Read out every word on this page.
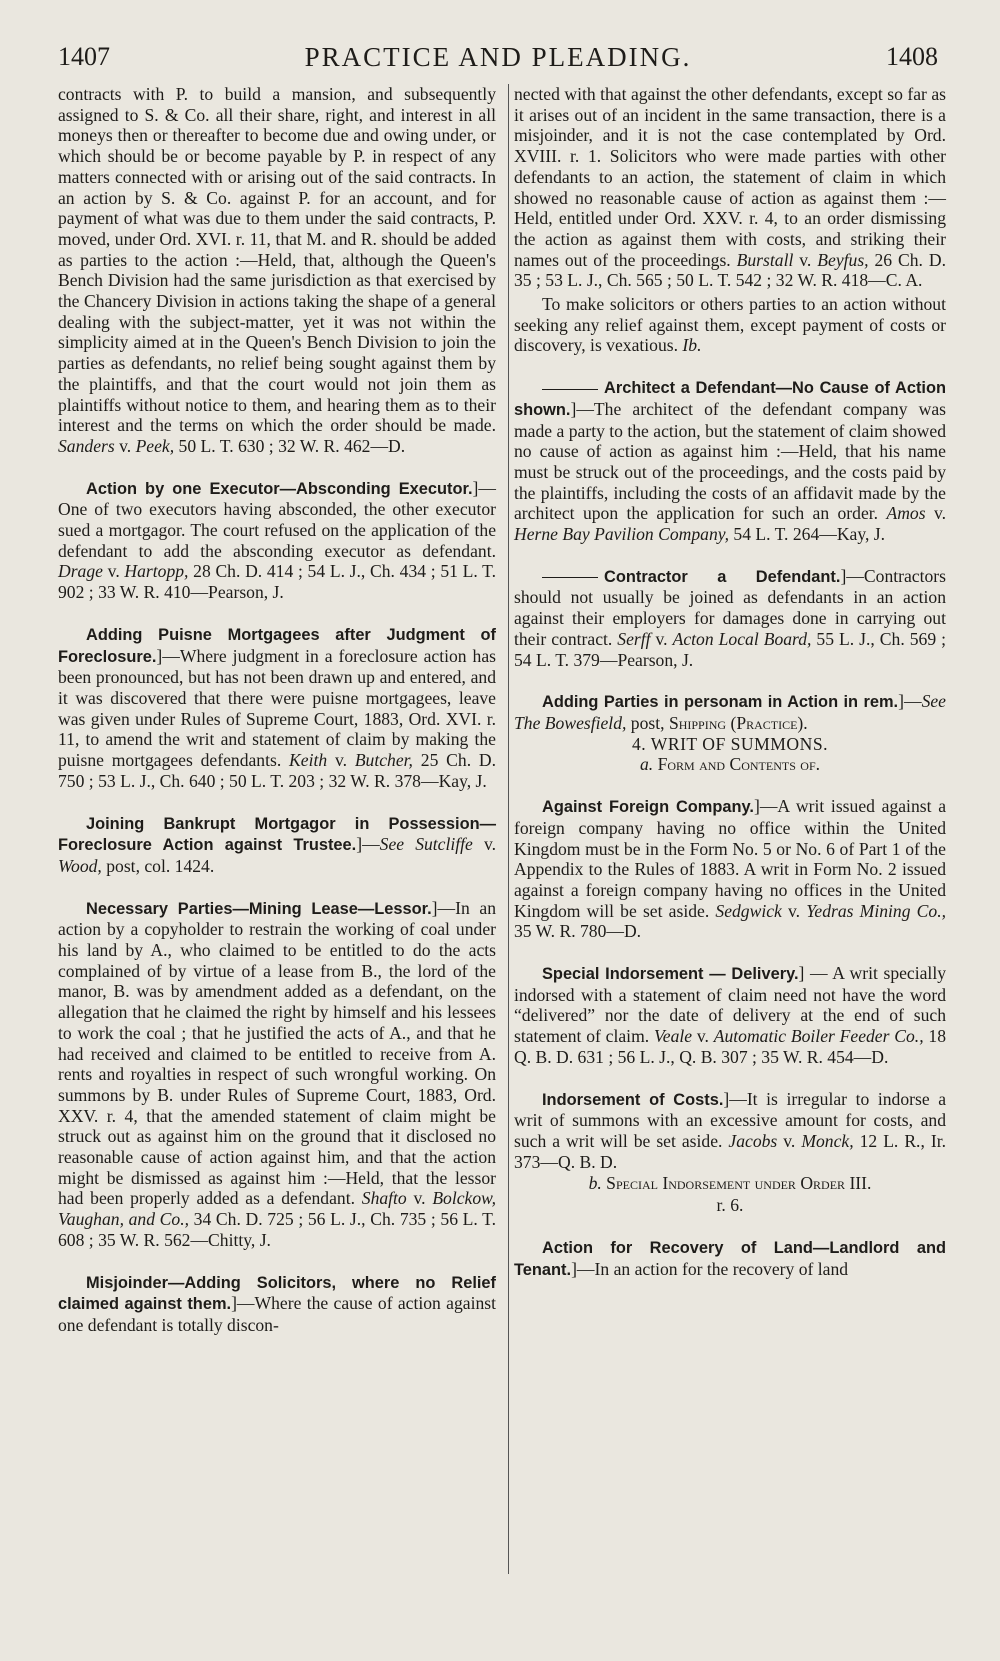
1407	PRACTICE AND PLEADING.	1408

contracts with P. to build a mansion, and subsequently assigned to S. & Co. all their share, right, and interest in all moneys then or thereafter to become due and owing under, or which should be or become payable by P. in respect of any matters connected with or arising out of the said contracts. In an action by S. & Co. against P. for an account, and for payment of what was due to them under the said contracts, P. moved, under Ord. XVI. r. 11, that M. and R. should be added as parties to the action :—Held, that, although the Queen's Bench Division had the same jurisdiction as that exercised by the Chancery Division in actions taking the shape of a general dealing with the subject-matter, yet it was not within the simplicity aimed at in the Queen's Bench Division to join the parties as defendants, no relief being sought against them by the plaintiffs, and that the court would not join them as plaintiffs without notice to them, and hearing them as to their interest and the terms on which the order should be made. Sanders v. Peek, 50 L. T. 630 ; 32 W. R. 462—D.

Action by one Executor—Absconding Executor.]—One of two executors having absconded, the other executor sued a mortgagor. The court refused on the application of the defendant to add the absconding executor as defendant. Drage v. Hartopp, 28 Ch. D. 414 ; 54 L. J., Ch. 434 ; 51 L. T. 902 ; 33 W. R. 410—Pearson, J.

Adding Puisne Mortgagees after Judgment of Foreclosure.]—Where judgment in a foreclosure action has been pronounced, but has not been drawn up and entered, and it was discovered that there were puisne mortgagees, leave was given under Rules of Supreme Court, 1883, Ord. XVI. r. 11, to amend the writ and statement of claim by making the puisne mortgagees defendants. Keith v. Butcher, 25 Ch. D. 750 ; 53 L. J., Ch. 640 ; 50 L. T. 203 ; 32 W. R. 378—Kay, J.

Joining Bankrupt Mortgagor in Possession—Foreclosure Action against Trustee.]—See Sutcliffe v. Wood, post, col. 1424.

Necessary Parties—Mining Lease—Lessor.]—In an action by a copyholder to restrain the working of coal under his land by A., who claimed to be entitled to do the acts complained of by virtue of a lease from B., the lord of the manor, B. was by amendment added as a defendant, on the allegation that he claimed the right by himself and his lessees to work the coal ; that he justified the acts of A., and that he had received and claimed to be entitled to receive from A. rents and royalties in respect of such wrongful working. On summons by B. under Rules of Supreme Court, 1883, Ord. XXV. r. 4, that the amended statement of claim might be struck out as against him on the ground that it disclosed no reasonable cause of action against him, and that the action might be dismissed as against him :—Held, that the lessor had been properly added as a defendant. Shafto v. Bolckow, Vaughan, and Co., 34 Ch. D. 725 ; 56 L. J., Ch. 735 ; 56 L. T. 608 ; 35 W. R. 562—Chitty, J.

Misjoinder—Adding Solicitors, where no Relief claimed against them.]—Where the cause of action against one defendant is totally discon-

nected with that against the other defendants, except so far as it arises out of an incident in the same transaction, there is a misjoinder, and it is not the case contemplated by Ord. XVIII. r. 1. Solicitors who were made parties with other defendants to an action, the statement of claim in which showed no reasonable cause of action as against them :—Held, entitled under Ord. XXV. r. 4, to an order dismissing the action as against them with costs, and striking their names out of the proceedings. Burstall v. Beyfus, 26 Ch. D. 35 ; 53 L. J., Ch. 565 ; 50 L. T. 542 ; 32 W. R. 418—C. A.

To make solicitors or others parties to an action without seeking any relief against them, except payment of costs or discovery, is vexatious. Ib.

Architect a Defendant—No Cause of Action shown.]—The architect of the defendant company was made a party to the action, but the statement of claim showed no cause of action as against him :—Held, that his name must be struck out of the proceedings, and the costs paid by the plaintiffs, including the costs of an affidavit made by the architect upon the application for such an order. Amos v. Herne Bay Pavilion Company, 54 L. T. 264—Kay, J.

Contractor a Defendant.]—Contractors should not usually be joined as defendants in an action against their employers for damages done in carrying out their contract. Serff v. Acton Local Board, 55 L. J., Ch. 569 ; 54 L. T. 379—Pearson, J.

Adding Parties in personam in Action in rem.]—See The Bowesfield, post, Shipping (Practice).

4. WRIT OF SUMMONS.

a. Form and Contents of.

Against Foreign Company.]—A writ issued against a foreign company having no office within the United Kingdom must be in the Form No. 5 or No. 6 of Part 1 of the Appendix to the Rules of 1883. A writ in Form No. 2 issued against a foreign company having no offices in the United Kingdom will be set aside. Sedgwick v. Yedras Mining Co., 35 W. R. 780—D.

Special Indorsement — Delivery.] — A writ specially indorsed with a statement of claim need not have the word “delivered” nor the date of delivery at the end of such statement of claim. Veale v. Automatic Boiler Feeder Co., 18 Q. B. D. 631 ; 56 L. J., Q. B. 307 ; 35 W. R. 454—D.

Indorsement of Costs.]—It is irregular to indorse a writ of summons with an excessive amount for costs, and such a writ will be set aside. Jacobs v. Monck, 12 L. R., Ir. 373—Q. B. D.

b. Special Indorsement under Order III.
r. 6.

Action for Recovery of Land—Landlord and Tenant.]—In an action for the recovery of land
